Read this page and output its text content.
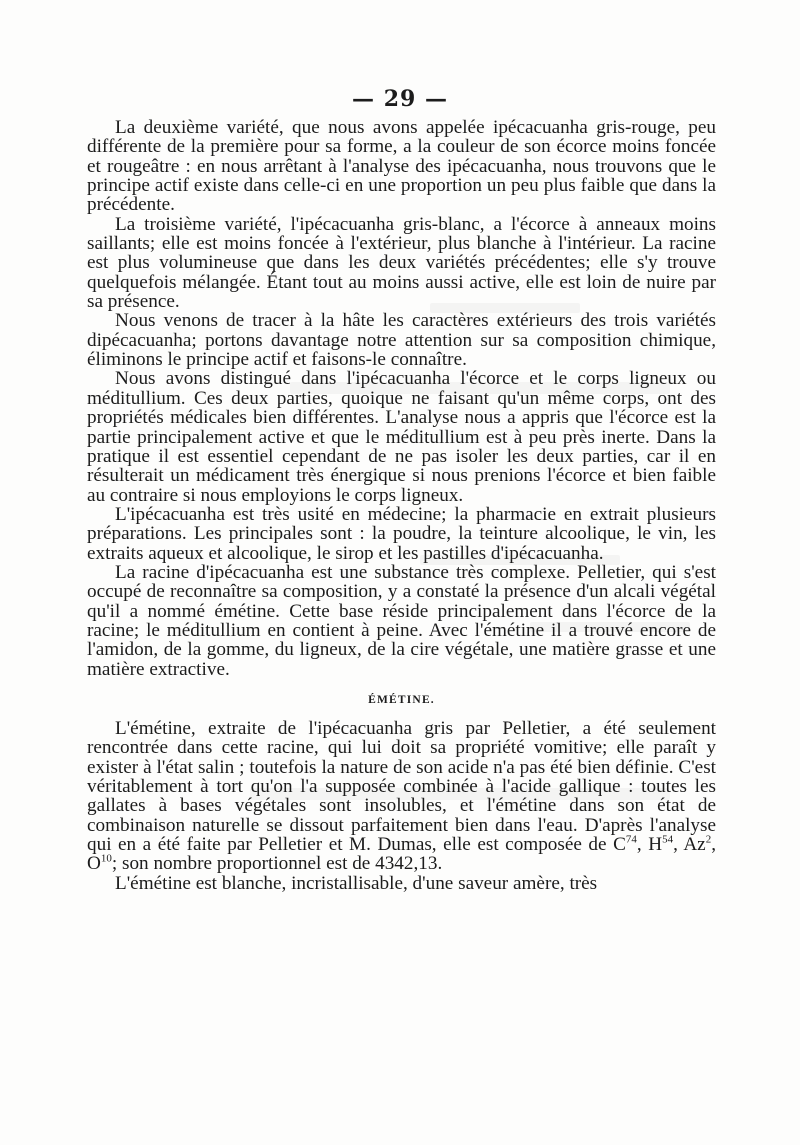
— 29 —

La deuxième variété, que nous avons appelée ipécacuanha gris-rouge, peu différente de la première pour sa forme, a la couleur de son écorce moins foncée et rougeâtre : en nous arrêtant à l'analyse des ipécacuanha, nous trouvons que le principe actif existe dans celle-ci en une proportion un peu plus faible que dans la précédente.

La troisième variété, l'ipécacuanha gris-blanc, a l'écorce à anneaux moins saillants; elle est moins foncée à l'extérieur, plus blanche à l'intérieur. La racine est plus volumineuse que dans les deux variétés précédentes; elle s'y trouve quelquefois mélangée. Étant tout au moins aussi active, elle est loin de nuire par sa présence.

Nous venons de tracer à la hâte les caractères extérieurs des trois variétés dipécacuanha; portons davantage notre attention sur sa composition chimique, éliminons le principe actif et faisons-le connaître.

Nous avons distingué dans l'ipécacuanha l'écorce et le corps ligneux ou méditullium. Ces deux parties, quoique ne faisant qu'un même corps, ont des propriétés médicales bien différentes. L'analyse nous a appris que l'écorce est la partie principalement active et que le méditullium est à peu près inerte. Dans la pratique il est essentiel cependant de ne pas isoler les deux parties, car il en résulterait un médicament très énergique si nous prenions l'écorce et bien faible au contraire si nous employions le corps ligneux.

L'ipécacuanha est très usité en médecine; la pharmacie en extrait plusieurs préparations. Les principales sont : la poudre, la teinture alcoolique, le vin, les extraits aqueux et alcoolique, le sirop et les pastilles d'ipécacuanha.

La racine d'ipécacuanha est une substance très complexe. Pelletier, qui s'est occupé de reconnaître sa composition, y a constaté la présence d'un alcali végétal qu'il a nommé émétine. Cette base réside principalement dans l'écorce de la racine; le méditullium en contient à peine. Avec l'émétine il a trouvé encore de l'amidon, de la gomme, du ligneux, de la cire végétale, une matière grasse et une matière extractive.

ÉMÉTINE.

L'émétine, extraite de l'ipécacuanha gris par Pelletier, a été seulement rencontrée dans cette racine, qui lui doit sa propriété vomitive; elle paraît y exister à l'état salin ; toutefois la nature de son acide n'a pas été bien définie. C'est véritablement à tort qu'on l'a supposée combinée à l'acide gallique : toutes les gallates à bases végétales sont insolubles, et l'émétine dans son état de combinaison naturelle se dissout parfaitement bien dans l'eau. D'après l'analyse qui en a été faite par Pelletier et M. Dumas, elle est composée de $C^{74}$, $H^{54}$, Az$^2$, $O^{10}$; son nombre proportionnel est de 4342,13.

L'émétine est blanche, incristallisable, d'une saveur amère, très
